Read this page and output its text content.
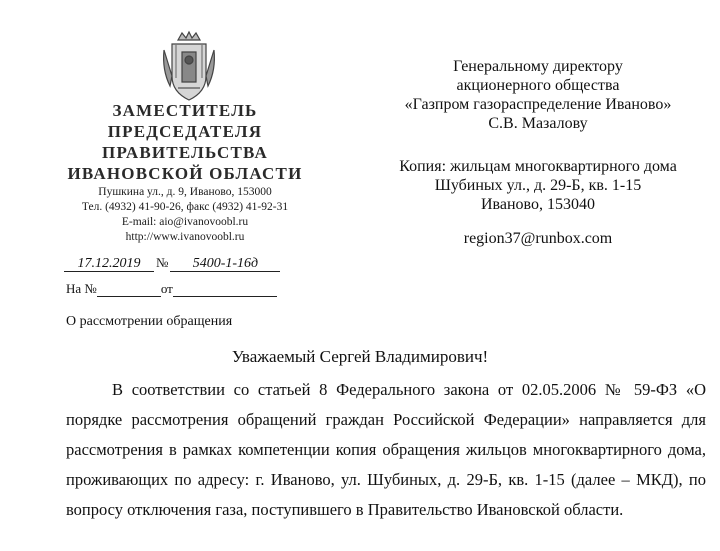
ЗАМЕСТИТЕЛЬ
ПРЕДСЕДАТЕЛЯ
ПРАВИТЕЛЬСТВА
ИВАНОВСКОЙ ОБЛАСТИ
Пушкина ул., д. 9, Иваново, 153000
Тел. (4932) 41-90-26, факс (4932) 41-92-31
E-mail: aio@ivanovoobl.ru
http://www.ivanovoobl.ru
17.12.2019 № 5400-1-16д
На №	от
О рассмотрении обращения
Генеральному директору
акционерного общества
«Газпром газораспределение Иваново»
С.В. Мазалову
Копия: жильцам многоквартирного дома
Шубиных ул., д. 29-Б, кв. 1-15
Иваново, 153040
region37@runbox.com
Уважаемый Сергей Владимирович!

В соответствии со статьей 8 Федерального закона от 02.05.2006 № 59-ФЗ «О порядке рассмотрения обращений граждан Российской Федерации» направляется для рассмотрения в рамках компетенции копия обращения жильцов многоквартирного дома, проживающих по адресу: г. Иваново, ул. Шубиных, д. 29-Б, кв. 1-15 (далее – МКД), по вопросу отключения газа, поступившего в Правительство Ивановской области.
